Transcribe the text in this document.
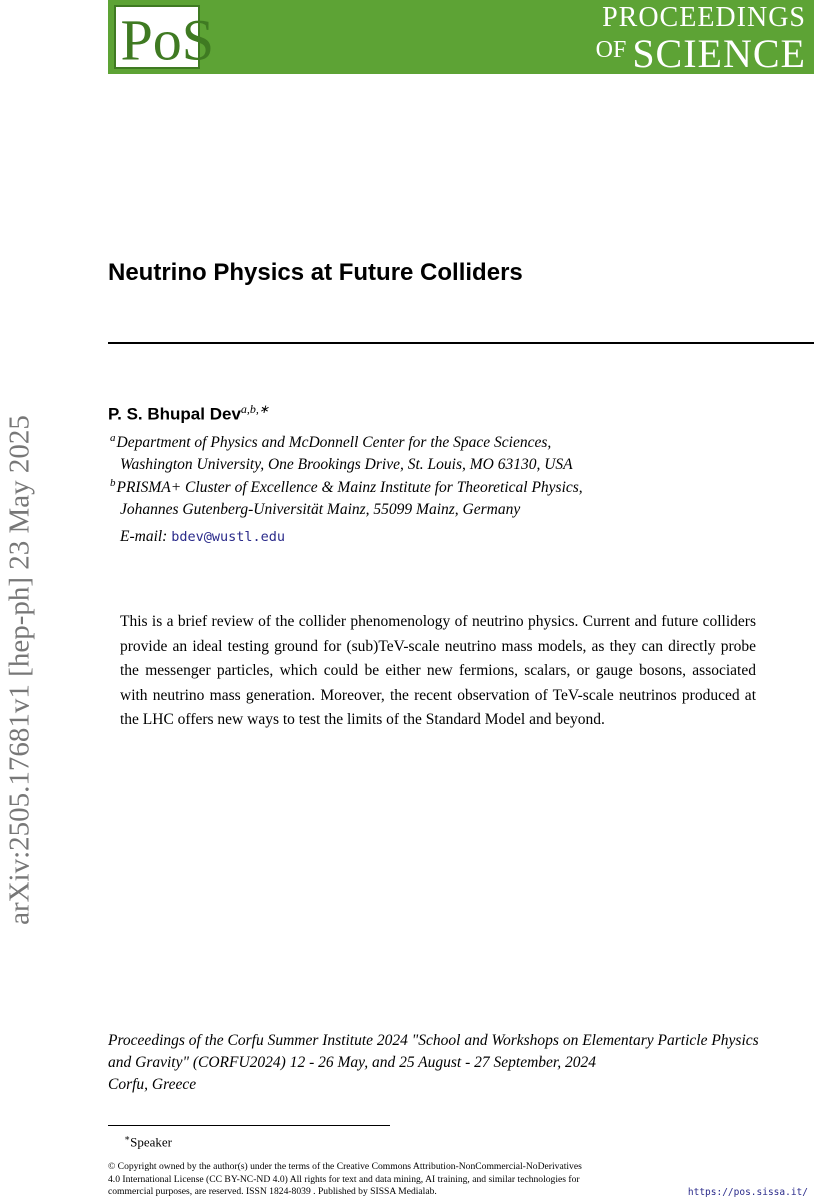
PROCEEDINGS
OF SCIENCE
PoS
arXiv:2505.17681v1 [hep-ph] 23 May 2025
Neutrino Physics at Future Colliders
P. S. Bhupal Dev$^{a,b,∗}$
$^a$Department of Physics and McDonnell Center for the Space Sciences,
Washington University, One Brookings Drive, St. Louis, MO 63130, USA
$^b$PRISMA+ Cluster of Excellence & Mainz Institute for Theoretical Physics,
Johannes Gutenberg-Universität Mainz, 55099 Mainz, Germany
E-mail: bdev@wustl.edu

This is a brief review of the collider phenomenology of neutrino physics. Current and future colliders provide an ideal testing ground for (sub)TeV-scale neutrino mass models, as they can directly probe the messenger particles, which could be either new fermions, scalars, or gauge bosons, associated with neutrino mass generation. Moreover, the recent observation of TeV-scale neutrinos produced at the LHC offers new ways to test the limits of the Standard Model and beyond.

Proceedings of the Corfu Summer Institute 2024 "School and Workshops on Elementary Particle Physics
and Gravity" (CORFU2024) 12 - 26 May, and 25 August - 27 September, 2024
Corfu, Greece
∗Speaker
© Copyright owned by the author(s) under the terms of the Creative Commons Attribution-NonCommercial-NoDerivatives
4.0 International License (CC BY-NC-ND 4.0) All rights for text and data mining, AI training, and similar technologies for
commercial purposes, are reserved. ISSN 1824-8039 . Published by SISSA Medialab.	https://pos.sissa.it/
